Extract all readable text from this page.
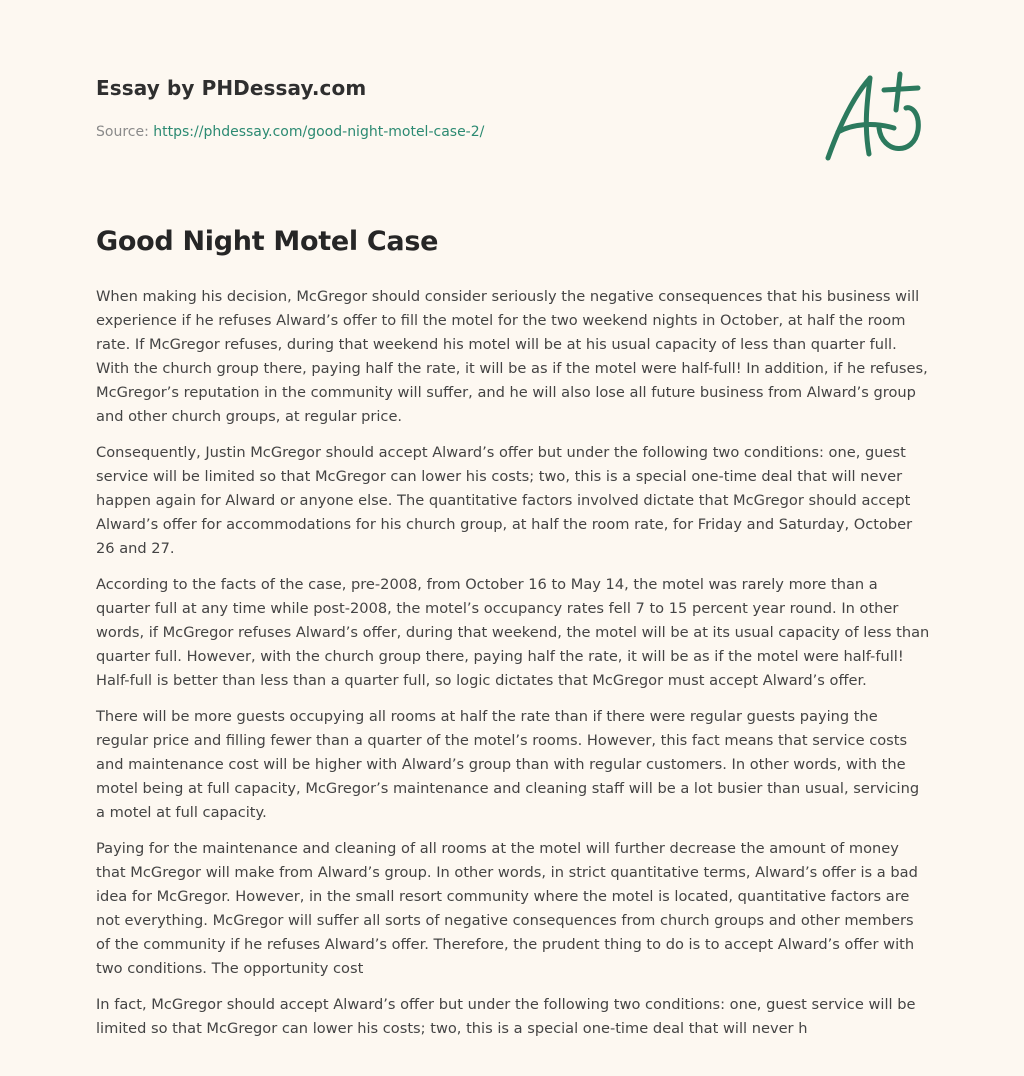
Essay by PHDessay.com
Source: https://phdessay.com/good-night-motel-case-2/
Good Night Motel Case

When making his decision, McGregor should consider seriously the negative consequences that his business will experience if he refuses Alward’s offer to fill the motel for the two weekend nights in October, at half the room rate. If McGregor refuses, during that weekend his motel will be at his usual capacity of less than quarter full. With the church group there, paying half the rate, it will be as if the motel were half-full! In addition, if he refuses, McGregor’s reputation in the community will suffer, and he will also lose all future business from Alward’s group and other church groups, at regular price.

Consequently, Justin McGregor should accept Alward’s offer but under the following two conditions: one, guest service will be limited so that McGregor can lower his costs; two, this is a special one-time deal that will never happen again for Alward or anyone else. The quantitative factors involved dictate that McGregor should accept Alward’s offer for accommodations for his church group, at half the room rate, for Friday and Saturday, October 26 and 27.

According to the facts of the case, pre-2008, from October 16 to May 14, the motel was rarely more than a quarter full at any time while post-2008, the motel’s occupancy rates fell 7 to 15 percent year round. In other words, if McGregor refuses Alward’s offer, during that weekend, the motel will be at its usual capacity of less than quarter full. However, with the church group there, paying half the rate, it will be as if the motel were half-full! Half-full is better than less than a quarter full, so logic dictates that McGregor must accept Alward’s offer.

There will be more guests occupying all rooms at half the rate than if there were regular guests paying the regular price and filling fewer than a quarter of the motel’s rooms. However, this fact means that service costs and maintenance cost will be higher with Alward’s group than with regular customers. In other words, with the motel being at full capacity, McGregor’s maintenance and cleaning staff will be a lot busier than usual, servicing a motel at full capacity.

Paying for the maintenance and cleaning of all rooms at the motel will further decrease the amount of money that McGregor will make from Alward’s group. In other words, in strict quantitative terms, Alward’s offer is a bad idea for McGregor. However, in the small resort community where the motel is located, quantitative factors are not everything. McGregor will suffer all sorts of negative consequences from church groups and other members of the community if he refuses Alward’s offer. Therefore, the prudent thing to do is to accept Alward’s offer with two conditions. The opportunity cost

In fact, McGregor should accept Alward’s offer but under the following two conditions: one, guest service will be limited so that McGregor can lower his costs; two, this is a special one-time deal that will never h
